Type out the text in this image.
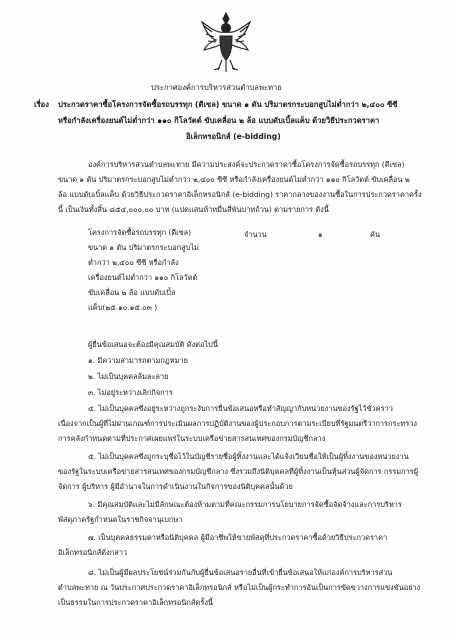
ประกาศองค์การบริหารส่วนตำบลพะทาย
เรื่อง ประกวดราคาซื้อโครงการจัดซื้อรถบรรทุก (ดีเซล) ขนาด ๑ ตัน ปริมาตรกระบอกสูบไม่ต่ำกว่า ๒,๔๐๐ ซีซี
หรือกำลังเครื่องยนต์ไม่ต่ำกว่า ๑๑๐ กิโลวัตต์ ขับเคลื่อน ๒ ล้อ แบบดับเบิ้ลแค็บ ด้วยวิธีประกวดราคา
อิเล็กทรอนิกส์ (e-bidding)
องค์การบริหารส่วนตำบลพะทาย มีความประสงค์จะประกวดราคาซื้อโครงการจัดซื้อรถบรรทุก (ดีเซล)
ขนาด ๑ ตัน ปริมาตรกระบอกสูบไม่ต่ำกว่า ๒,๔๐๐ ซีซี หรือกำลังเครื่องยนต์ไม่ต่ำกว่า ๑๑๐ กิโลวัตต์ ขับเคลื่อน ๒
ล้อ แบบดับเบิ้ลแค็บ ด้วยวิธีประกวดราคาอิเล็กทรอนิกส์ (e-bidding) ราคากลางของงานซื้อในการประกวดราคาครั้ง
นี้ เป็นเงินทั้งสิ้น ๘๕๔,๐๐๐.๐๐ บาท (แปดแสนห้าหมื่นสี่พันบาทถ้วน) ตามรายการ ดังนี้
โครงการจัดซื้อรถบรรทุก (ดีเซล)
ขนาด ๑ ตัน ปริมาตรกระบอกสูบไม่
ต่ำกว่า ๒,๔๐๐ ซีซี หรือกำลัง
เครื่องยนต์ไม่ต่ำกว่า ๑๑๐ กิโลวัตต์
ขับเคลื่อน ๒ ล้อ แบบดับเบิ้ล
แค็บ(๒๕.๑๐.๑๕.๐๓ )
จำนวน	๑	คัน
ผู้ยื่นข้อเสนอจะต้องมีคุณสมบัติ ดังต่อไปนี้
๑. มีความสามารถตามกฎหมาย
๒. ไม่เป็นบุคคลล้มละลาย
๓. ไม่อยู่ระหว่างเลิกกิจการ
๔. ไม่เป็นบุคคลซึ่งอยู่ระหว่างถูกระงับการยื่นข้อเสนอหรือทำสัญญากับหน่วยงานของรัฐไว้ชั่วคราว
เนื่องจากเป็นผู้ที่ไม่ผ่านเกณฑ์การประเมินผลการปฏิบัติงานของผู้ประกอบการตามระเบียบที่รัฐมนตรีว่าการกระทรวง
การคลังกำหนดตามที่ประกาศเผยแพร่ในระบบเครือข่ายสารสนเทศของกรมบัญชีกลาง
๕. ไม่เป็นบุคคลซึ่งถูกระบุชื่อไว้ในบัญชีรายชื่อผู้ทิ้งงานและได้แจ้งเวียนชื่อให้เป็นผู้ทิ้งงานของหน่วยงาน
ของรัฐในระบบเครือข่ายสารสนเทศของกรมบัญชีกลาง ซึ่งรวมถึงนิติบุคคลที่ผู้ทิ้งงานเป็นหุ้นส่วนผู้จัดการ กรรมการผู้
จัดการ ผู้บริหาร ผู้มีอำนาจในการดำเนินงานในกิจการของนิติบุคคลนั้นด้วย
๖. มีคุณสมบัติและไม่มีลักษณะต้องห้ามตามที่คณะกรรมการนโยบายการจัดซื้อจัดจ้างและการบริหาร
พัสดุภาครัฐกำหนดในราชกิจจานุเบกษา
๗. เป็นบุคคลธรรมดาหรือนิติบุคคล ผู้มีอาชีพให้ขายพัสดุที่ประกวดราคาซื้อด้วยวิธีประกวดราคา
อิเล็กทรอนิกส์ดังกล่าว
๘. ไม่เป็นผู้มีผลประโยชน์ร่วมกันกับผู้ยื่นข้อเสนอรายอื่นที่เข้ายื่นข้อเสนอให้แก่องค์การบริหารส่วน
ตำบลพะทาย ณ วันประกาศประกวดราคาอิเล็กทรอนิกส์ หรือไม่เป็นผู้กระทำการอันเป็นการขัดขวางการแข่งขันอย่าง
เป็นธรรมในการประกวดราคาอิเล็กทรอนิกส์ครั้งนี้
